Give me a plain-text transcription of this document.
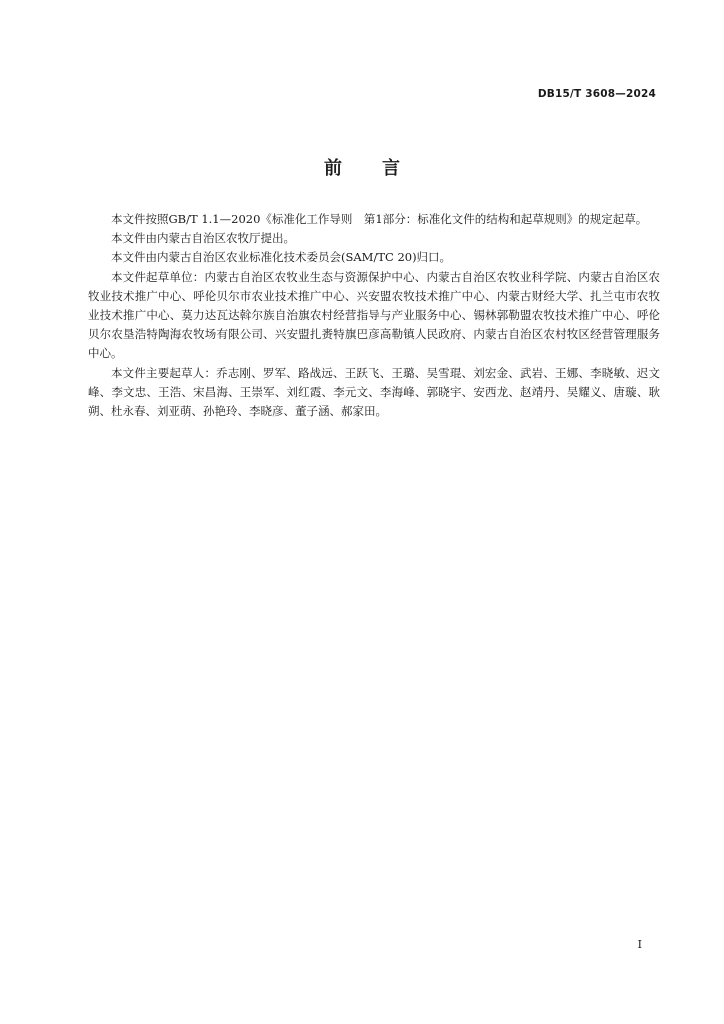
DB15/T 3608—2024
前 言

本文件按照GB/T 1.1—2020《标准化工作导则　第1部分：标准化文件的结构和起草规则》的规定起草。

本文件由内蒙古自治区农牧厅提出。

本文件由内蒙古自治区农业标准化技术委员会(SAM/TC 20)归口。

本文件起草单位：内蒙古自治区农牧业生态与资源保护中心、内蒙古自治区农牧业科学院、内蒙古自治区农牧业技术推广中心、呼伦贝尔市农业技术推广中心、兴安盟农牧技术推广中心、内蒙古财经大学、扎兰屯市农牧业技术推广中心、莫力达瓦达斡尔族自治旗农村经营指导与产业服务中心、锡林郭勒盟农牧技术推广中心、呼伦贝尔农垦浩特陶海农牧场有限公司、兴安盟扎赉特旗巴彦高勒镇人民政府、内蒙古自治区农村牧区经营管理服务中心。

本文件主要起草人：乔志刚、罗军、路战远、王跃飞、王璐、吴雪琨、刘宏金、武岩、王娜、李晓敏、迟文峰、李文忠、王浩、宋昌海、王崇军、刘红霞、李元文、李海峰、郭晓宇、安西龙、赵靖丹、吴耀义、唐璇、耿朔、杜永春、刘亚萌、孙艳玲、李晓彦、董子涵、郝家田。

I
